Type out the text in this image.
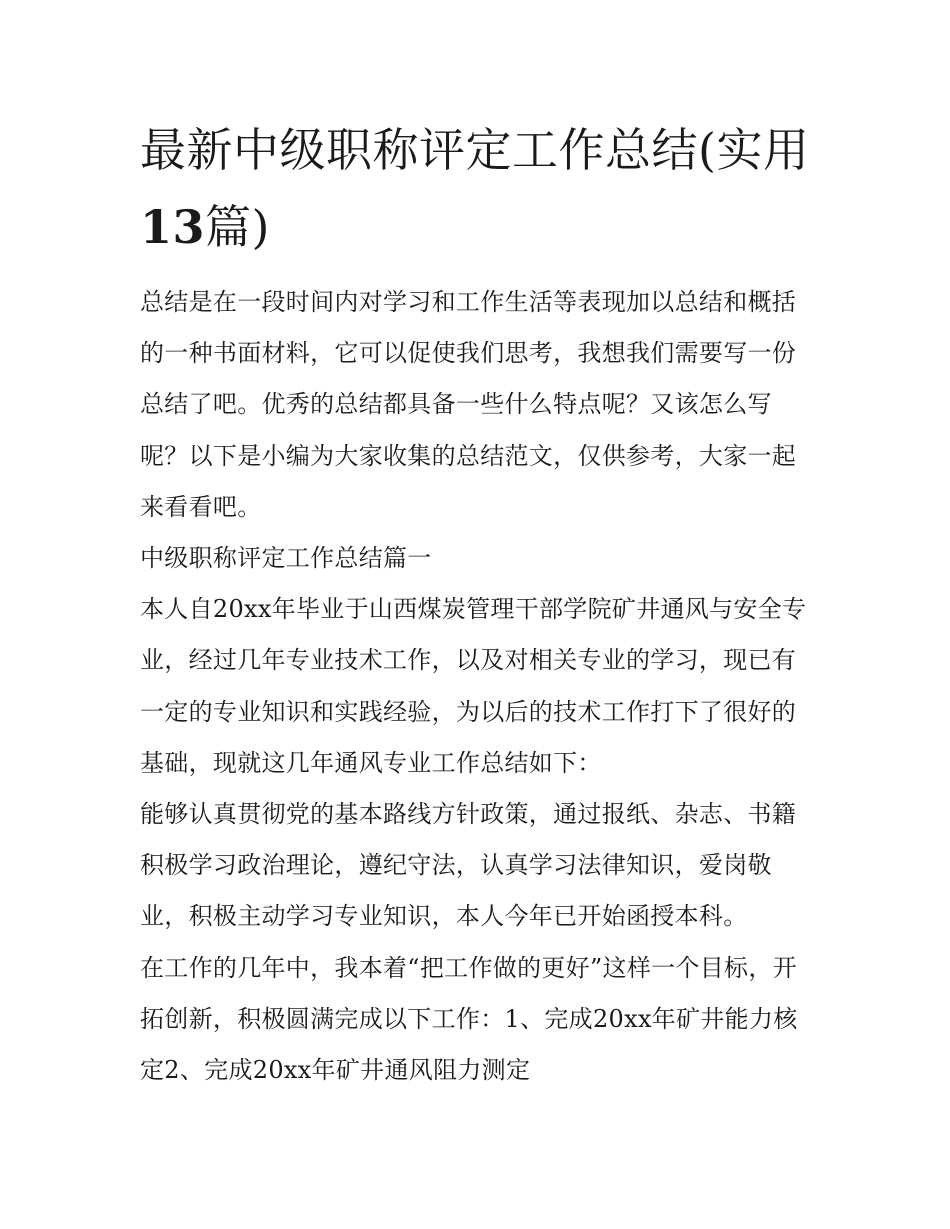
最新中级职称评定工作总结(实用13篇)

总结是在一段时间内对学习和工作生活等表现加以总结和概括的一种书面材料，它可以促使我们思考，我想我们需要写一份总结了吧。优秀的总结都具备一些什么特点呢？又该怎么写呢？以下是小编为大家收集的总结范文，仅供参考，大家一起来看看吧。

中级职称评定工作总结篇一

本人自20xx年毕业于山西煤炭管理干部学院矿井通风与安全专业，经过几年专业技术工作，以及对相关专业的学习，现已有一定的专业知识和实践经验，为以后的技术工作打下了很好的基础，现就这几年通风专业工作总结如下：

能够认真贯彻党的基本路线方针政策，通过报纸、杂志、书籍积极学习政治理论，遵纪守法，认真学习法律知识，爱岗敬业，积极主动学习专业知识，本人今年已开始函授本科。

在工作的几年中，我本着“把工作做的更好”这样一个目标，开拓创新，积极圆满完成以下工作：1、完成20xx年矿井能力核定2、完成20xx年矿井通风阻力测定
